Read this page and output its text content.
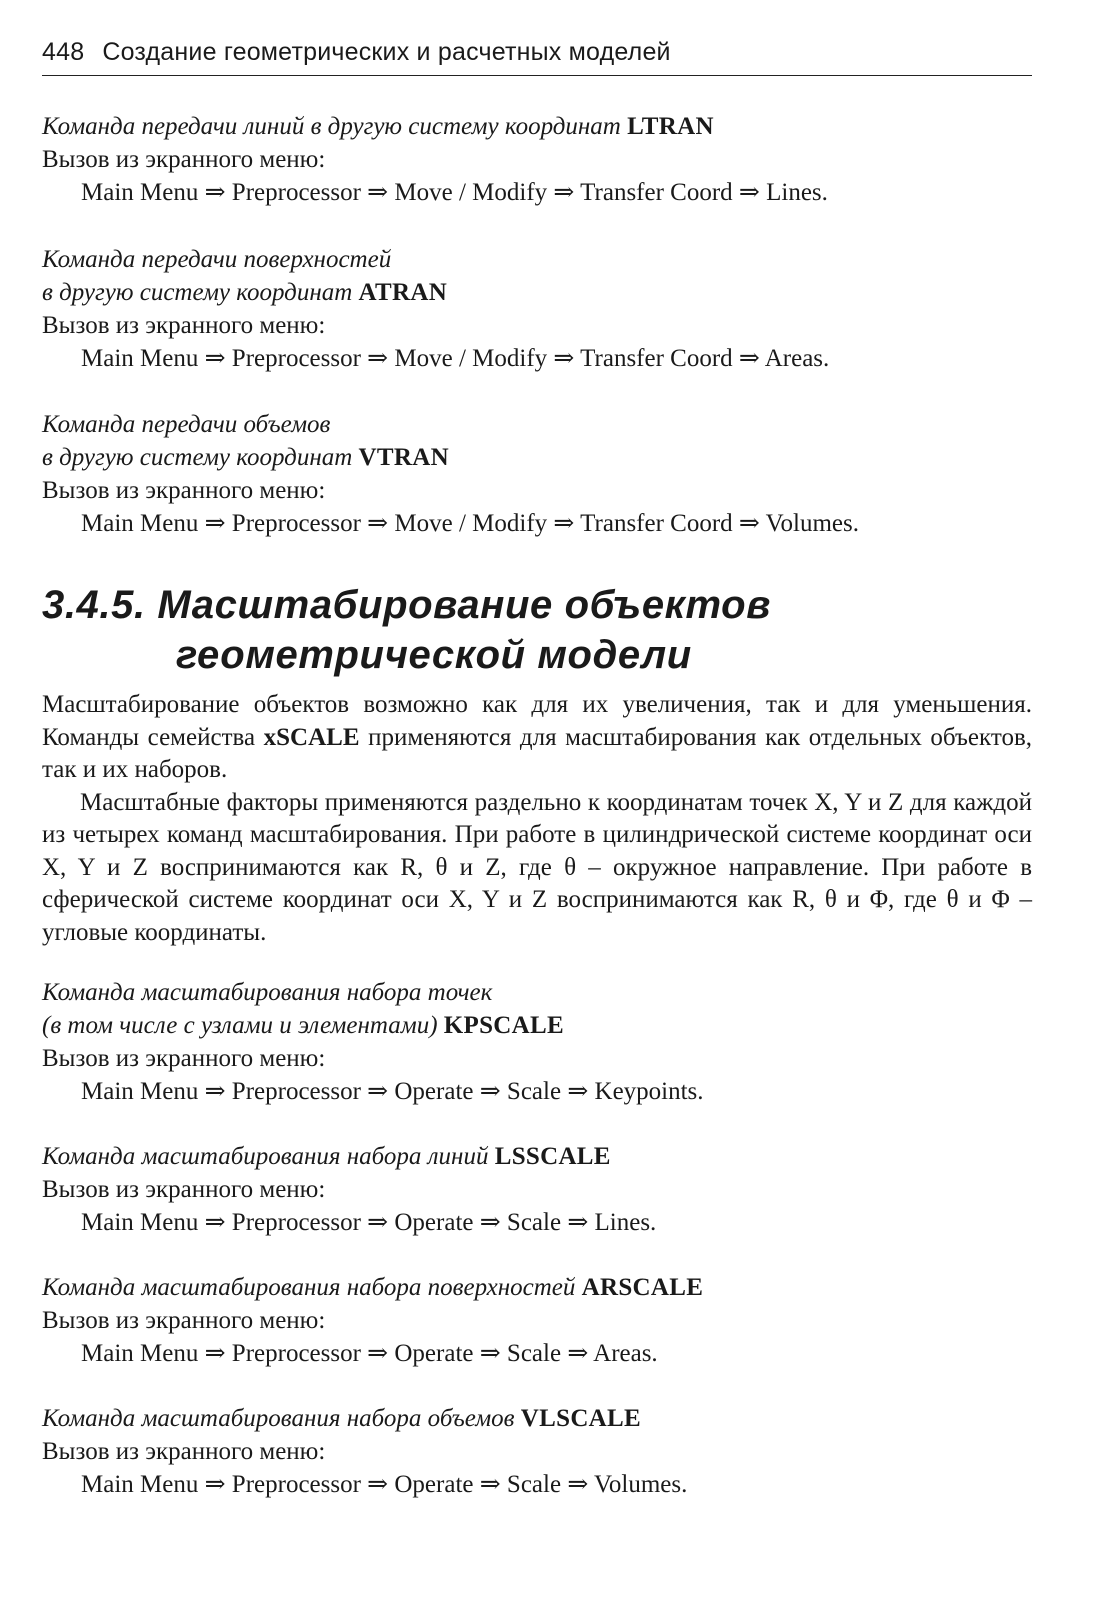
448 Создание геометрических и расчетных моделей
Команда передачи линий в другую систему координат LTRAN
Вызов из экранного меню:
Main Menu ⇒ Preprocessor ⇒ Move / Modify ⇒ Transfer Coord ⇒ Lines.
Команда передачи поверхностей
в другую систему координат ATRAN
Вызов из экранного меню:
Main Menu ⇒ Preprocessor ⇒ Move / Modify ⇒ Transfer Coord ⇒ Areas.
Команда передачи объемов
в другую систему координат VTRAN
Вызов из экранного меню:
Main Menu ⇒ Preprocessor ⇒ Move / Modify ⇒ Transfer Coord ⇒ Volumes.
3.4.5. Масштабирование объектов
геометрической модели

Масштабирование объектов возможно как для их увеличения, так и для уменьшения. Команды семейства xSCALE применяются для масштабирования как отдельных объектов, так и их наборов.

Масштабные факторы применяются раздельно к координатам точек X, Y и Z для каждой из четырех команд масштабирования. При работе в цилиндрической системе координат оси X, Y и Z воспринимаются как R, θ и Z, где θ – окружное направление. При работе в сферической системе координат оси X, Y и Z воспринимаются как R, θ и Φ, где θ и Φ – угловые координаты.

Команда масштабирования набора точек
(в том числе с узлами и элементами) KPSCALE
Вызов из экранного меню:
Main Menu ⇒ Preprocessor ⇒ Operate ⇒ Scale ⇒ Keypoints.
Команда масштабирования набора линий LSSCALE
Вызов из экранного меню:
Main Menu ⇒ Preprocessor ⇒ Operate ⇒ Scale ⇒ Lines.
Команда масштабирования набора поверхностей ARSCALE
Вызов из экранного меню:
Main Menu ⇒ Preprocessor ⇒ Operate ⇒ Scale ⇒ Areas.
Команда масштабирования набора объемов VLSCALE
Вызов из экранного меню:
Main Menu ⇒ Preprocessor ⇒ Operate ⇒ Scale ⇒ Volumes.
